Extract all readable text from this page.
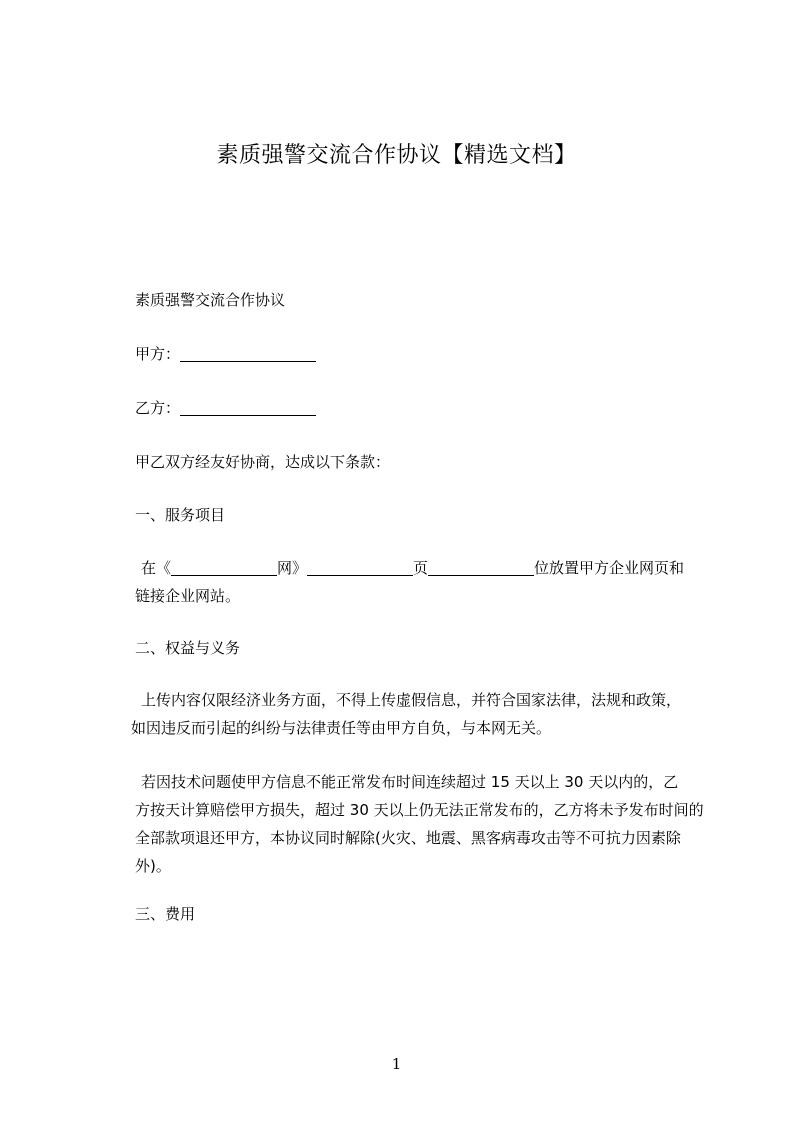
素质强警交流合作协议【精选文档】

素质强警交流合作协议

甲方：

乙方：

甲乙双方经友好协商，达成以下条款：

一、服务项目

在《	网》	页	位放置甲方企业网页和

链接企业网站。

二、权益与义务

上传内容仅限经济业务方面，不得上传虚假信息，并符合国家法律，法规和政策，
如因违反而引起的纠纷与法律责任等由甲方自负，与本网无关。
若因技术问题使甲方信息不能正常发布时间连续超过 15 天以上 30 天以内的，乙
方按天计算赔偿甲方损失，超过 30 天以上仍无法正常发布的，乙方将未予发布时间的
全部款项退还甲方，本协议同时解除(火灾、地震、黑客病毒攻击等不可抗力因素除
外)。

三、费用

1
